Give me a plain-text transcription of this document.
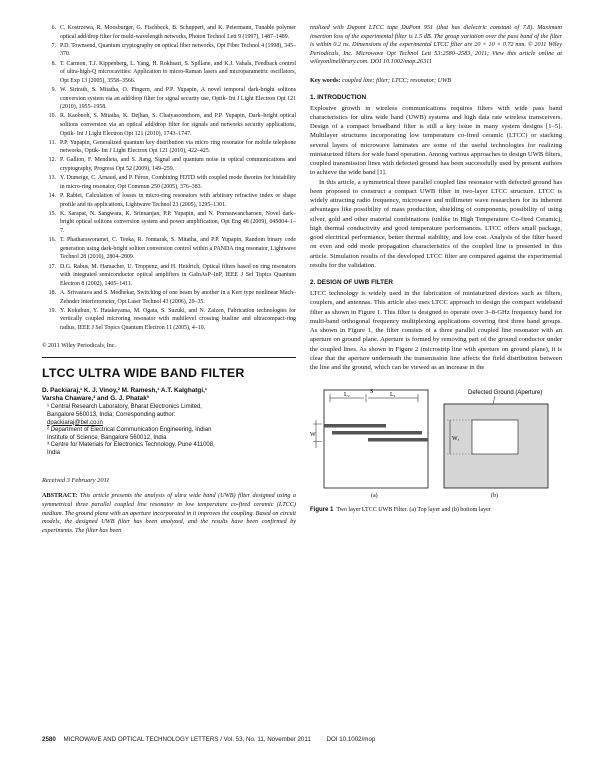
6. C. Kostrzewa, R. Moosburger, G. Fischbeck, B. Schuppert, and K. Petermann, Tunable polymer optical add/drop filter for multi-wavelength networks, Photon Technol Lett 9 (1997), 1487–1489.

7. P.D. Townsend, Quantum cryptography on optical fiber networks, Opt Fiber Technol 4 (1998), 345–370.

8. T. Carmon, T.J. Kippenberg, L. Yang, H. Rokhsari, S. Spillane, and K.J. Vahala, Feedback control of ultra-high-Q microcavities: Application to micro-Raman lasers and microparametric oscillators, Opt Exp 13 (2005), 3558–3566.

9. W. Sirirath, S. Mitatha, O. Pingern, and P.P. Yupapin, A novel temporal dark-bright solitons conversion system via an add/drop filter for signal security use, Optik- Int J Light Electron Opt 121 (2010), 1955–1958.

10. R. Kaobnoh, S. Mitatha, K. Dejhan, S. Chaiyasoonthorn, and P.P. Yupapin, Dark–bright optical solitons conversion via an optical add/drop filter for signals and networks security applications, Optik- Int J Light Electron Opt 121 (2010), 1743–1747.

11. P.P. Yupapin, Generalized quantum key distribution via micro ring resonator for mobile telephone networks, Optik- Int J Light Electron Opt 121 (2010), 422–425.

12. P. Gallion, F. Mendieta, and S. Jiang, Signal and quantum noise in optical communications and cryptography, Progress Opt 52 (2009), 149–259.

13. Y. Dumeige, C. Arnaud, and P. Féron, Combining FDTD with coupled mode theories for bistability in micro-ring resonator, Opt Commun 250 (2005), 376–383.

14. P. Rabiei, Calculation of losses in micro-ring resonators with arbitrary refractive index or shape profile and its applications, Lightwave Technol 23 (2005), 1295–1301.

15. K. Sarapat, N. Sangwara, K. Srinuanjan, P.P. Yupapin, and N. Pornsuwancharoen, Novel dark–bright optical solitons conversion system and power amplification, Opt Eng 48 (2009), 045004–1–7.

16. T. Phatharaworamet, C. Teeka, R. Jomtarak, S. Mitatha, and P.P. Yupapin, Random binary code generation using dark-bright soliton conversion control within a PANDA ring resonator, Lightwave Technol 28 (2010), 2804–2809.

17. D.G. Rabus, M. Hamacher, U. Troppenz, and H. Heidrich, Optical filters based on ring resonators with integrated semiconductor optical amplifiers in GaInAsP–InP, IEEE J Sel Topics Quantum Electron 8 (2002), 1405–1411.

18. A. Srivastava and S. Medhekar, Switching of one beam by another in a Kerr type nonlinear Mach–Zehnder interferometer, Opt Laser Technol 43 (2006), 29–35.

19. Y. Kokubun, Y. Hatakeyama, M. Ogata, S. Suzuki, and N. Zaizen, Fabrication technologies for vertically coupled microring resonator with multilevel crossing busline and ultracompact-ring radius, IEEE J Sel Topics Quantum Electron 11 (2005), 4–10.

© 2011 Wiley Periodicals, Inc.

LTCC ULTRA WIDE BAND FILTER
D. Packiaraj,¹ K. J. Vinoy,² M. Ramesh,¹ A.T. Kalghatgi,¹
Varsha Chaware,³ and G. J. Phatak³

¹ Central Research Laboratory, Bharat Electronics Limited,

Bangalore 560013, India; Corresponding author:

dpackiaraj@bel.co.in

² Department of Electrical Communication Engineering, Indian

Institute of Science, Bangalore 560012, India

³ Centre for Materials for Electronics Technology, Pune 411008,

India

Received 3 February 2011

ABSTRACT: This article presents the analysis of ultra wide band (UWB) filter designed using a symmetrical three parallel coupled line resonator in low temperature co-fired ceramic (LTCC) medium. The ground plane with an aperture incorporated in it improves the coupling. Based on circuit models, the designed UWB filter has been analyzed, and the results have been confirmed by experiments. The filter has been

realized with Dupont LTCC tape DuPont 951 (that has dielectric constant of 7.8). Maximum insertion loss of the experimental filter is 1.5 dB. The group variation over the pass band of the filter is within 0.2 ns. Dimensions of the experimental LTCC filter are 20 × 10 × 0.72 mm. © 2011 Wiley Periodicals, Inc. Microwave Opt Technol Lett 53:2580–2583, 2011; View this article online at wileyonlinelibrary.com. DOI 10.1002/mop.26311

Key words: coupled line; filter; LTCC; resonator; UWB

1. INTRODUCTION

Explosive growth in wireless communications requires filters with wide pass band characteristics for ultra wide band (UWB) systems and high data rate wireless transceivers. Design of a compact broadband filter is still a key issue in many system designs [1–5]. Multilayer structures incorporating low temperature co-fired ceramic (LTCC) or stacking several layers of microwave laminates are some of the useful technologies for realizing miniaturized filters for wide band operation. Among various approaches to design UWB filters, coupled transmission lines with defected ground has been successfully used by present authors to achieve the wide band [1].

In this article, a symmetrical three parallel coupled line resonator with defected ground has been proposed to construct a compact UWB filter in two-layer LTCC structure. LTCC is widely attracting radio frequency, microwave and millimeter wave researchers for its inherent advantages like possibility of mass production, shielding of components, possibility of using silver, gold and other material combinations (unlike in High Temperature Co-fired Ceramic), high thermal conductivity and good temperature performances. LTCC offers small package, good electrical performance, better thermal stability, and low cost. Analysis of the filter based on even and odd mode propagation characteristics of the coupled line is presented in this article. Simulation results of the developed LTCC filter are compared against the experimental results for the validation.

2. DESIGN OF UWB FILTER

LTCC technology is widely used in the fabrication of miniaturized devices such as filters, couplers, and antennas. This article also uses LTCC approach to design the compact wideband filter as shown in Figure 1. This filter is designed to operate over 3–8-GHz frequency band for multi-band orthogonal frequency multiplexing applications covering first three band groups. As shown in Figure 1, the filter consists of a three parallel coupled line resonator with an aperture on ground plane. Aperture is formed by removing part of the ground conductor under the coupled lines. As shown in Figure 2 (microstrip line with aperture on ground plane), it is clear that the aperture underneath the transmission line affects the field distribution between the line and the ground, which can be viewed as an increase in the

L₂	L₁
S
W
(a)
Defected Ground (Aperture)
Wₐ
(b)

Figure 1 Two layer LTCC UWB Filter. (a) Top layer and (b) bottom layer

2580 MICROWAVE AND OPTICAL TECHNOLOGY LETTERS / Vol. 53, No. 11, November 2011	DOI 10.1002/mop
